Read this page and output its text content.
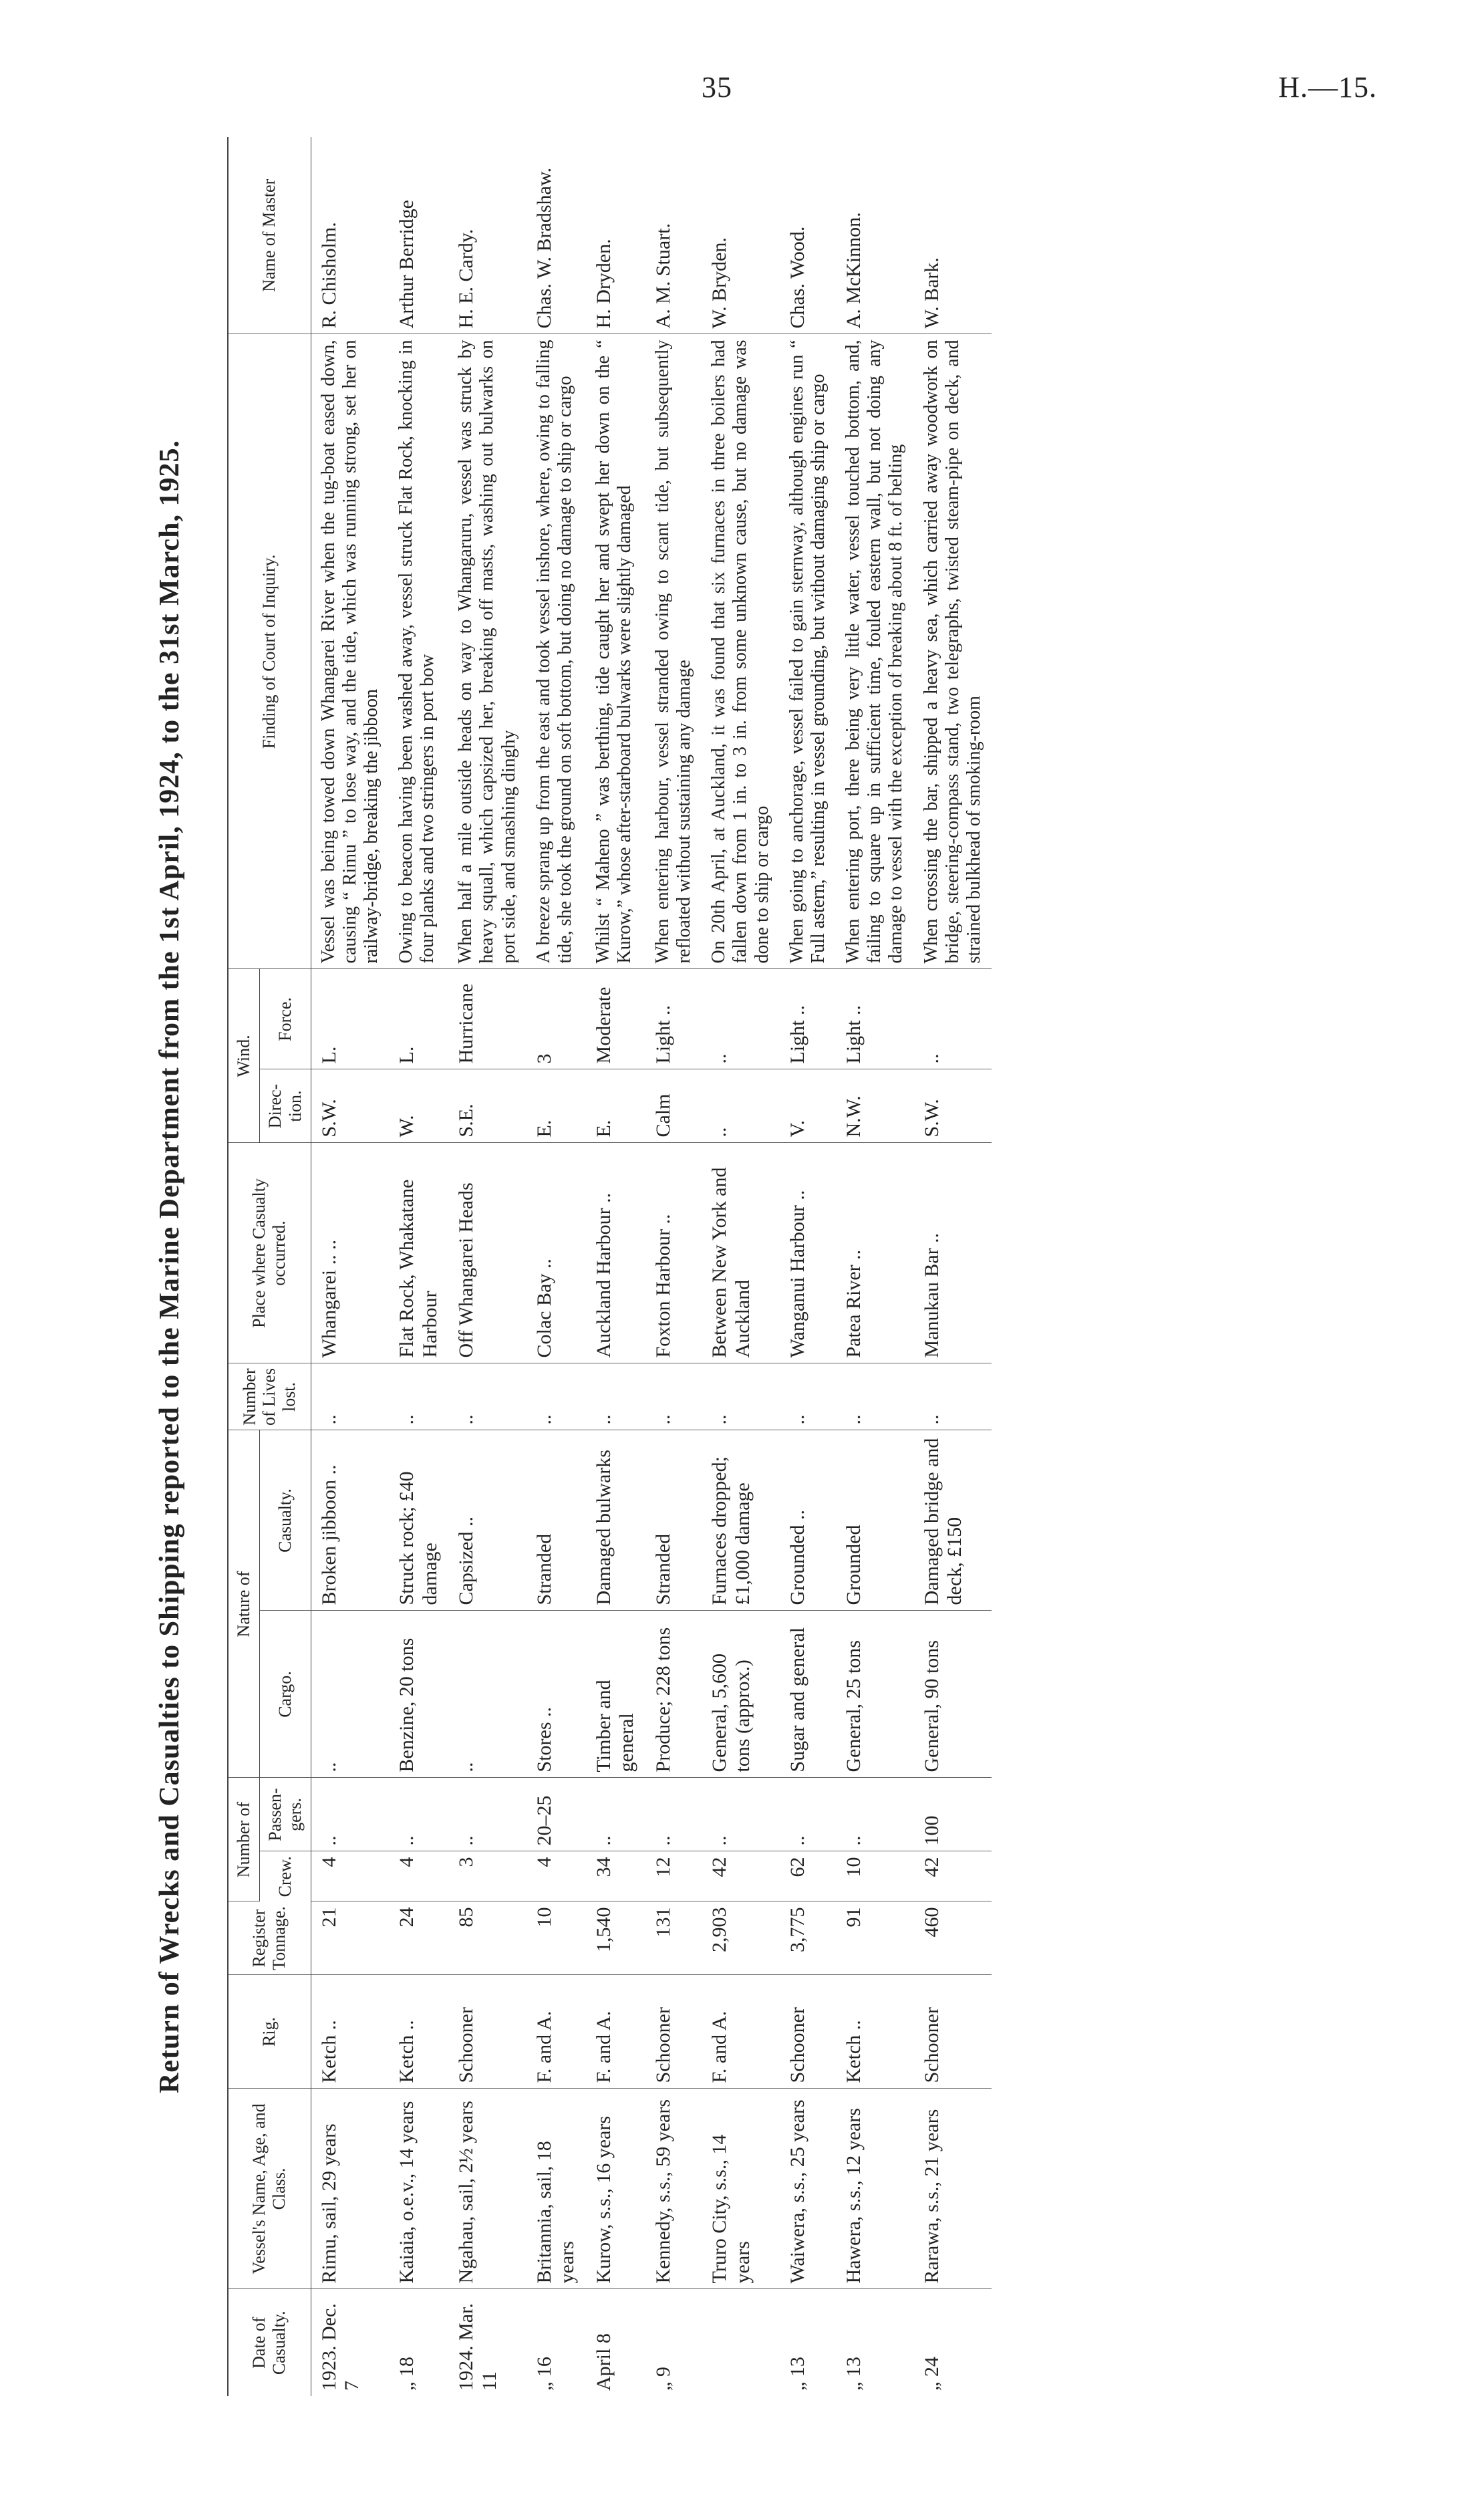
35	H.—15.
Return of Wrecks and Casualties to Shipping reported to the Marine Department from the 1st April, 1924, to the 31st March, 1925.
Date of Casualty.	Vessel's Name, Age, and Class.	Rig.	Register Tonnage.	Number of		Nature of		Number of Lives lost.	Place where Casualty occurred.	Wind.		Finding of Court of Inquiry.	Name of Master
				Crew.	Passen-gers.	Cargo.	Casualty.			Direc-tion.	Force.		
1923. Dec. 7	Rimu, sail, 29 years	Ketch ..	21	4	..	..	Broken jibboon ..	..	Whangarei .. ..	S.W.	L.	Vessel was being towed down Whangarei River when the tug-boat eased down, causing “ Rimu ” to lose way, and the tide, which was running strong, set her on railway-bridge, breaking the jibboon	R. Chisholm.
„ 18	Kaiaia, o.e.v., 14 years	Ketch ..	24	4	..	Benzine, 20 tons	Struck rock; £40 damage	..	Flat Rock, Whakatane Harbour	W.	L.	Owing to beacon having been washed away, vessel struck Flat Rock, knocking in four planks and two stringers in port bow	Arthur Berridge
1924. Mar. 11	Ngahau, sail, 2½ years	Schooner	85	3	..	..	Capsized ..	..	Off Whangarei Heads	S.E.	Hurricane	When half a mile outside heads on way to Whangaruru, vessel was struck by heavy squall, which capsized her, breaking off masts, washing out bulwarks on port side, and smashing dinghy	H. E. Cardy.
„ 16	Britannia, sail, 18 years	F. and A.	10	4	20–25	Stores ..	Stranded	..	Colac Bay ..	E.	3	A breeze sprang up from the east and took vessel inshore, where, owing to falling tide, she took the ground on soft bottom, but doing no damage to ship or cargo	Chas. W. Bradshaw.
April 8	Kurow, s.s., 16 years	F. and A.	1,540	34	..	Timber and general	Damaged bulwarks	..	Auckland Harbour ..	E.	Moderate	Whilst “ Maheno ” was berthing, tide caught her and swept her down on the “ Kurow,” whose after-starboard bulwarks were slightly damaged	H. Dryden.
„ 9	Kennedy, s.s., 59 years	Schooner	131	12	..	Produce; 228 tons	Stranded	..	Foxton Harbour ..	Calm	Light ..	When entering harbour, vessel stranded owing to scant tide, but subsequently refloated without sustaining any damage	A. M. Stuart.
	Truro City, s.s., 14 years	F. and A.	2,903	42	..	General, 5,600 tons (approx.)	Furnaces dropped; £1,000 damage	..	Between New York and Auckland	..	..	On 20th April, at Auckland, it was found that six furnaces in three boilers had fallen down from 1 in. to 3 in. from some unknown cause, but no damage was done to ship or cargo	W. Bryden.
„ 13	Waiwera, s.s., 25 years	Schooner	3,775	62	..	Sugar and general	Grounded ..	..	Wanganui Harbour ..	V.	Light ..	When going to anchorage, vessel failed to gain sternway, although engines run “ Full astern,” resulting in vessel grounding, but without damaging ship or cargo	Chas. Wood.
„ 13	Hawera, s.s., 12 years	Ketch ..	91	10	..	General, 25 tons	Grounded	..	Patea River ..	N.W.	Light ..	When entering port, there being very little water, vessel touched bottom, and, failing to square up in sufficient time, fouled eastern wall, but not doing any damage to vessel with the exception of breaking about 8 ft. of belting	A. McKinnon.
„ 24	Rarawa, s.s., 21 years	Schooner	460	42	100	General, 90 tons	Damaged bridge and deck, £150	..	Manukau Bar ..	S.W.	..	When crossing the bar, shipped a heavy sea, which carried away woodwork on bridge, steering-compass stand, two telegraphs, twisted steam-pipe on deck, and strained bulkhead of smoking-room	W. Bark.
